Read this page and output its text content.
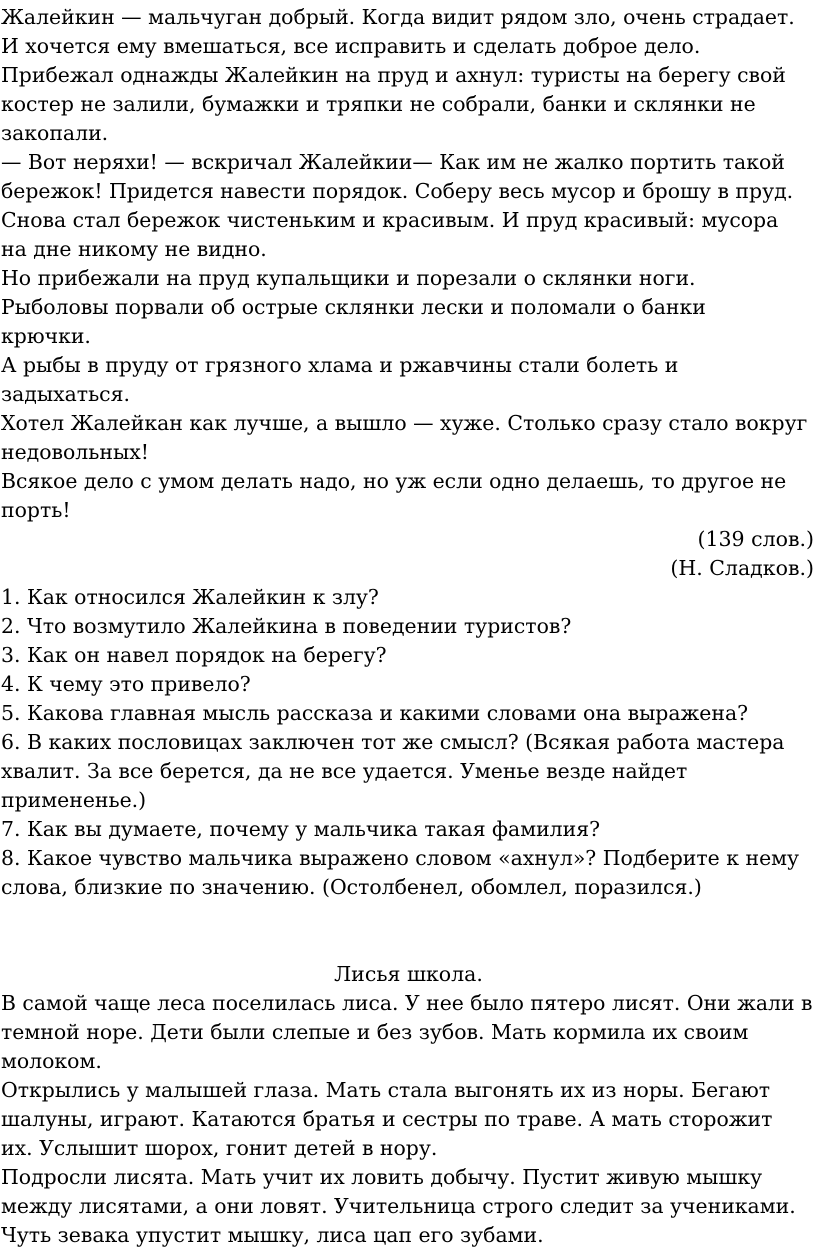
Жалейкин — мальчуган добрый. Когда видит рядом зло, очень страдает.
И хочется ему вмешаться, все исправить и сделать доброе дело.
Прибежал однажды Жалейкин на пруд и ахнул: туристы на берегу свой
костер не залили, бумажки и тряпки не собрали, банки и склянки не
закопали.
— Вот неряхи! — вскричал Жалейкии— Как им не жалко портить такой
бережок! Придется навести порядок. Соберу весь мусор и брошу в пруд.
Снова стал бережок чистеньким и красивым. И пруд красивый: мусора
на дне никому не видно.
Но прибежали на пруд купальщики и порезали о склянки ноги.
Рыболовы порвали об острые склянки лески и поломали о банки
крючки.
А рыбы в пруду от грязного хлама и ржавчины стали болеть и
задыхаться.
Хотел Жалейкан как лучше, а вышло — хуже. Столько сразу стало вокруг
недовольных!
Всякое дело с умом делать надо, но уж если одно делаешь, то другое не
порть!
(139 слов.)
(Н. Сладков.)
1. Как относился Жалейкин к злу?
2. Что возмутило Жалейкина в поведении туристов?
3. Как он навел порядок на берегу?
4. К чему это привело?
5. Какова главная мысль рассказа и какими словами она выражена?
6. В каких пословицах заключен тот же смысл? (Всякая работа мастера
хвалит. За все берется, да не все удается. Уменье везде найдет
примененье.)
7. Как вы думаете, почему у мальчика такая фамилия?
8. Какое чувство мальчика выражено словом «ахнул»? Подберите к нему
слова, близкие по значению. (Остолбенел, обомлел, поразился.)
Лисья школа.
В самой чаще леса поселилась лиса. У нее было пятеро лисят. Они жали в
темной норе. Дети были слепые и без зубов. Мать кормила их своим
молоком.
Открылись у малышей глаза. Мать стала выгонять их из норы. Бегают
шалуны, играют. Катаются братья и сестры по траве. А мать сторожит
их. Услышит шорох, гонит детей в нору.
Подросли лисята. Мать учит их ловить добычу. Пустит живую мышку
между лисятами, а они ловят. Учительница строго следит за учениками.
Чуть зевака упустит мышку, лиса цап его зубами.
